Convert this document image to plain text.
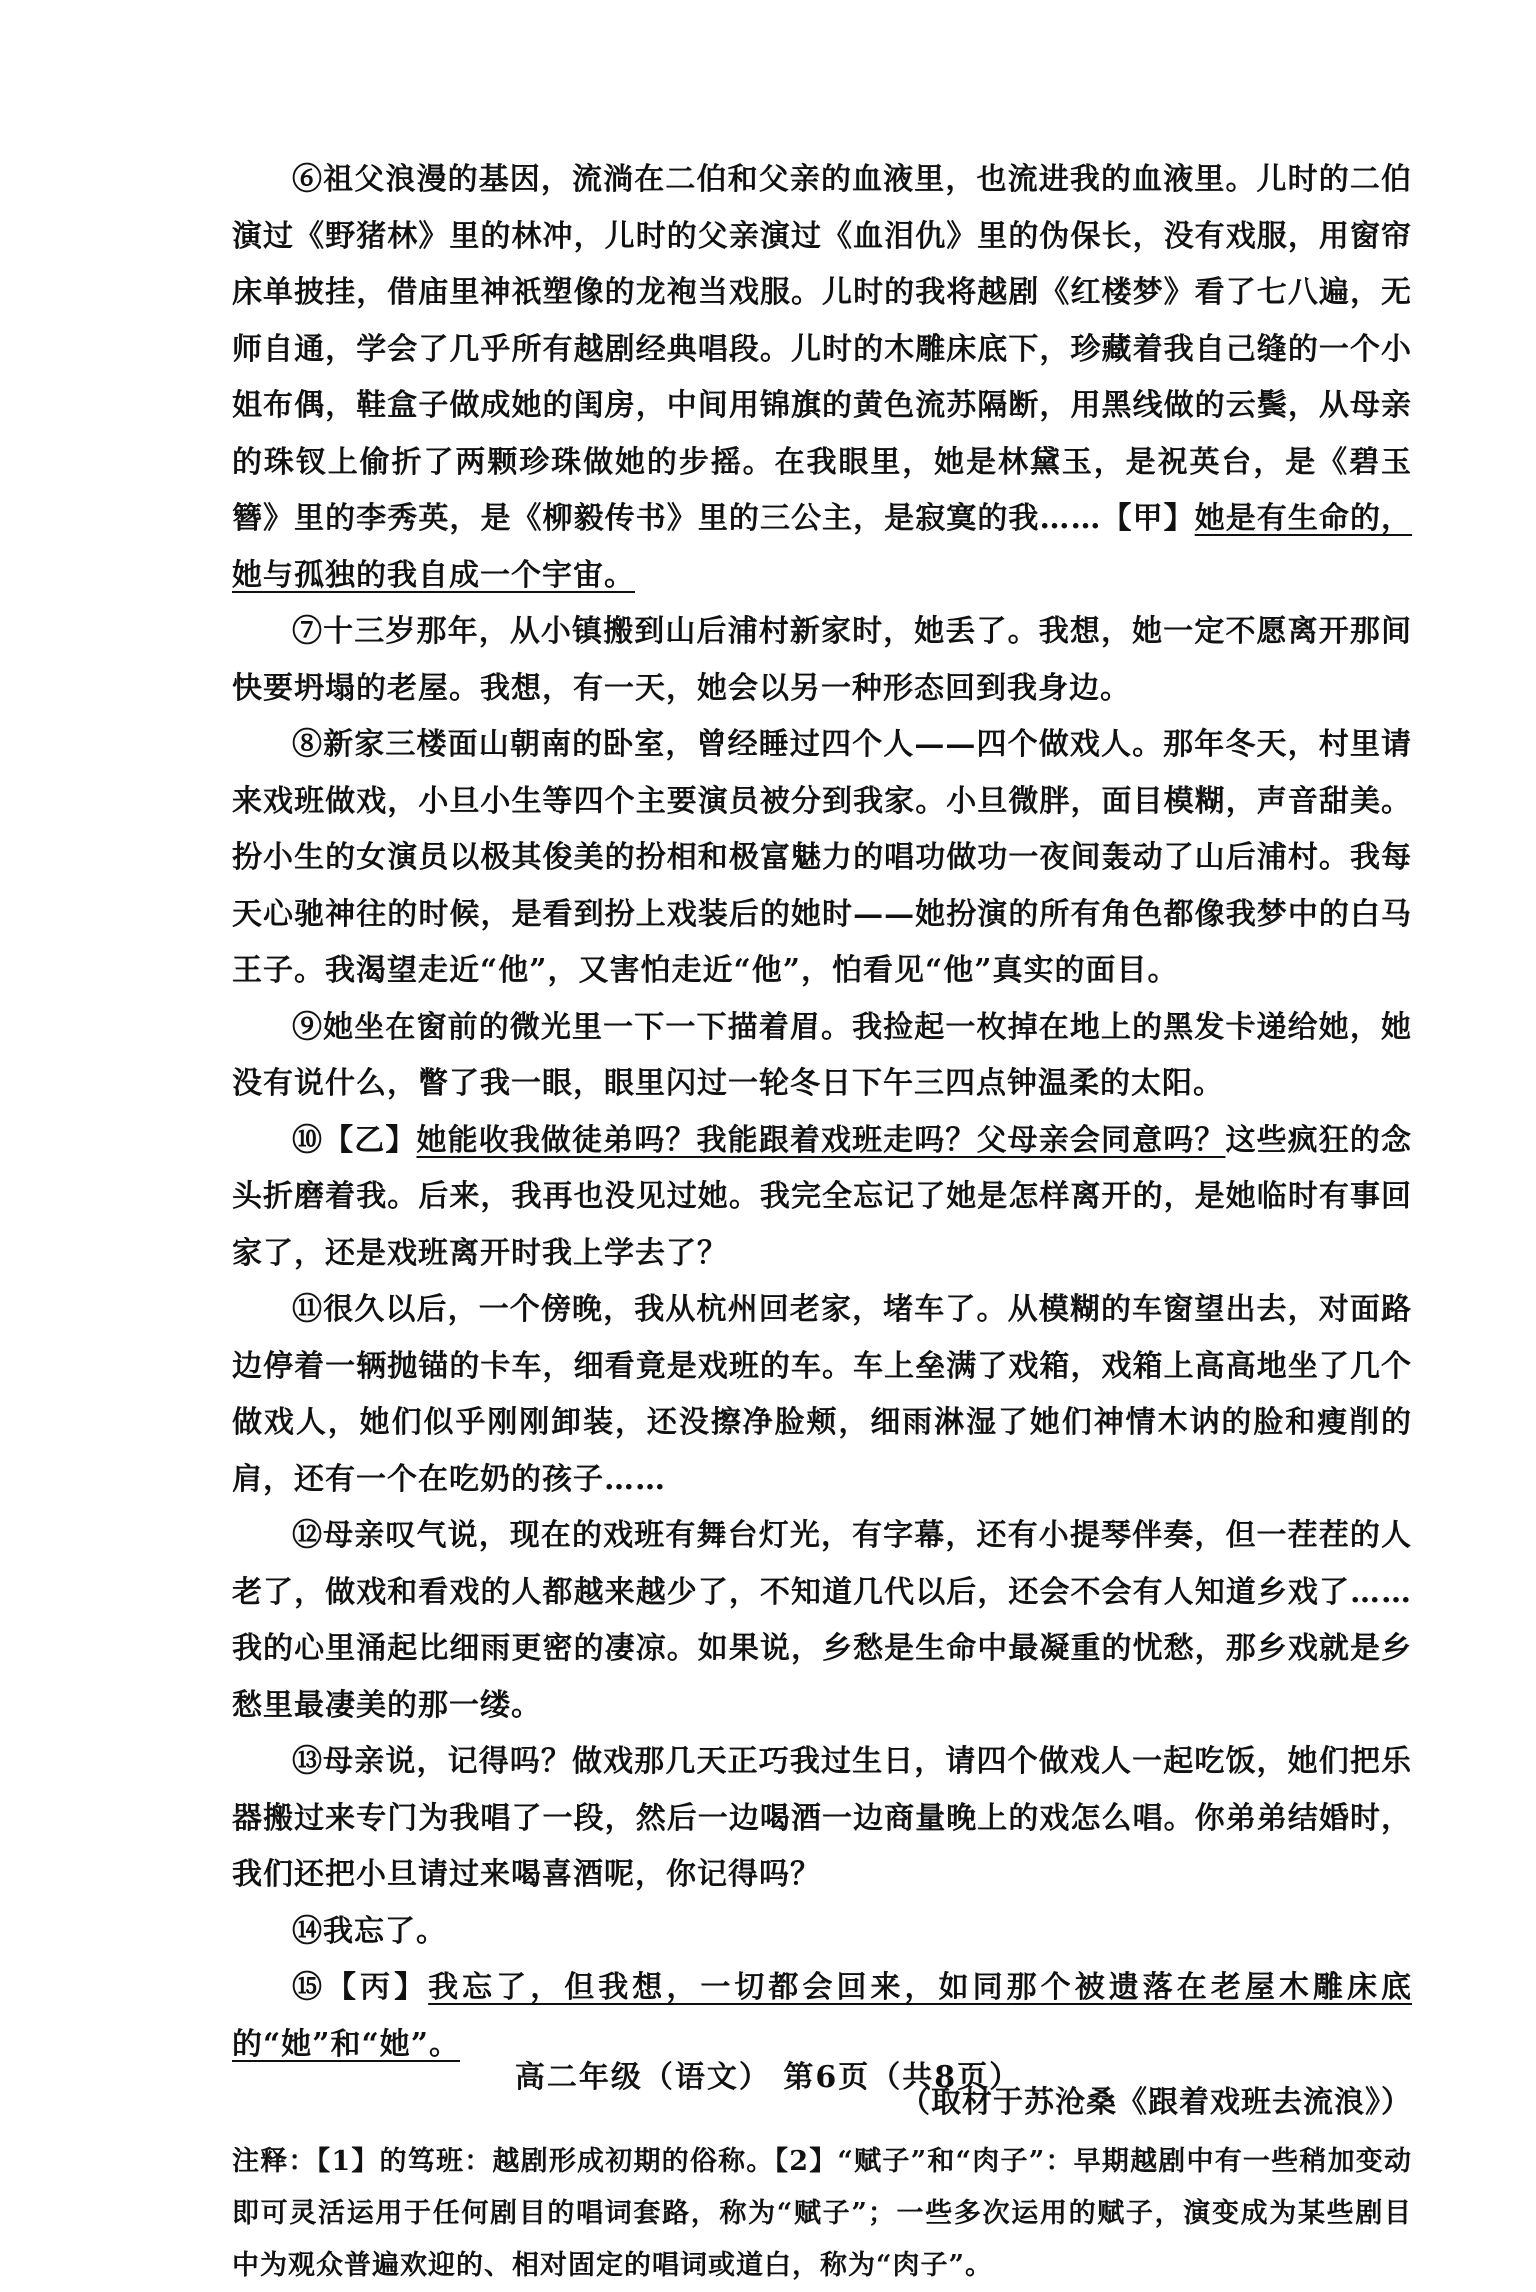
⑥祖父浪漫的基因，流淌在二伯和父亲的血液里，也流进我的血液里。儿时的二伯演过《野猪林》里的林冲，儿时的父亲演过《血泪仇》里的伪保长，没有戏服，用窗帘床单披挂，借庙里神祇塑像的龙袍当戏服。儿时的我将越剧《红楼梦》看了七八遍，无师自通，学会了几乎所有越剧经典唱段。儿时的木雕床底下，珍藏着我自己缝的一个小姐布偶，鞋盒子做成她的闺房，中间用锦旗的黄色流苏隔断，用黑线做的云鬓，从母亲的珠钗上偷折了两颗珍珠做她的步摇。在我眼里，她是林黛玉，是祝英台，是《碧玉簪》里的李秀英，是《柳毅传书》里的三公主，是寂寞的我……【甲】她是有生命的，她与孤独的我自成一个宇宙。

⑦十三岁那年，从小镇搬到山后浦村新家时，她丢了。我想，她一定不愿离开那间快要坍塌的老屋。我想，有一天，她会以另一种形态回到我身边。

⑧新家三楼面山朝南的卧室，曾经睡过四个人——四个做戏人。那年冬天，村里请来戏班做戏，小旦小生等四个主要演员被分到我家。小旦微胖，面目模糊，声音甜美。扮小生的女演员以极其俊美的扮相和极富魅力的唱功做功一夜间轰动了山后浦村。我每天心驰神往的时候，是看到扮上戏装后的她时——她扮演的所有角色都像我梦中的白马王子。我渴望走近“他”，又害怕走近“他”，怕看见“他”真实的面目。

⑨她坐在窗前的微光里一下一下描着眉。我捡起一枚掉在地上的黑发卡递给她，她没有说什么，瞥了我一眼，眼里闪过一轮冬日下午三四点钟温柔的太阳。

⑩【乙】她能收我做徒弟吗？我能跟着戏班走吗？父母亲会同意吗？这些疯狂的念头折磨着我。后来，我再也没见过她。我完全忘记了她是怎样离开的，是她临时有事回家了，还是戏班离开时我上学去了？

⑪很久以后，一个傍晚，我从杭州回老家，堵车了。从模糊的车窗望出去，对面路边停着一辆抛锚的卡车，细看竟是戏班的车。车上垒满了戏箱，戏箱上高高地坐了几个做戏人，她们似乎刚刚卸装，还没擦净脸颊，细雨淋湿了她们神情木讷的脸和瘦削的肩，还有一个在吃奶的孩子……

⑫母亲叹气说，现在的戏班有舞台灯光，有字幕，还有小提琴伴奏，但一茬茬的人老了，做戏和看戏的人都越来越少了，不知道几代以后，还会不会有人知道乡戏了……我的心里涌起比细雨更密的凄凉。如果说，乡愁是生命中最凝重的忧愁，那乡戏就是乡愁里最凄美的那一缕。

⑬母亲说，记得吗？做戏那几天正巧我过生日，请四个做戏人一起吃饭，她们把乐器搬过来专门为我唱了一段，然后一边喝酒一边商量晚上的戏怎么唱。你弟弟结婚时，我们还把小旦请过来喝喜酒呢，你记得吗？

⑭我忘了。

⑮【丙】我忘了，但我想，一切都会回来，如同那个被遗落在老屋木雕床底的“她”和“她”。

（取材于苏沧桑《跟着戏班去流浪》）

注释：【1】的笃班：越剧形成初期的俗称。【2】“赋子”和“肉子”：早期越剧中有一些稍加变动即可灵活运用于任何剧目的唱词套路，称为“赋子”；一些多次运用的赋子，演变成为某些剧目中为观众普遍欢迎的、相对固定的唱词或道白，称为“肉子”。

高二年级（语文） 第6页（共8页）
